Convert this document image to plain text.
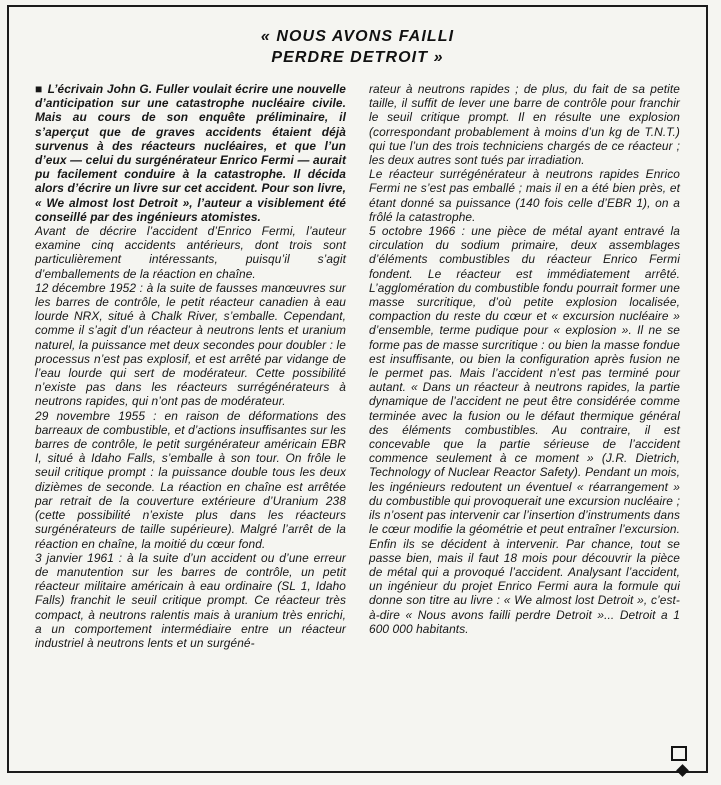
« NOUS AVONS FAILLI
PERDRE DETROIT »

■ L’écrivain John G. Fuller voulait écrire une nouvelle d’anticipation sur une catastrophe nucléaire civile. Mais au cours de son enquête préliminaire, il s’aperçut que de graves accidents étaient déjà survenus à des réacteurs nucléaires, et que l’un d’eux — celui du surgénérateur Enrico Fermi — aurait pu facilement conduire à la catastrophe. Il décida alors d’écrire un livre sur cet accident. Pour son livre, « We almost lost Detroit », l’auteur a visiblement été conseillé par des ingénieurs atomistes.

Avant de décrire l’accident d’Enrico Fermi, l’auteur examine cinq accidents antérieurs, dont trois sont particulièrement intéressants, puisqu’il s’agit d’emballements de la réaction en chaîne.

12 décembre 1952 : à la suite de fausses manœuvres sur les barres de contrôle, le petit réacteur canadien à eau lourde NRX, situé à Chalk River, s’emballe. Cependant, comme il s’agit d’un réacteur à neutrons lents et uranium naturel, la puissance met deux secondes pour doubler : le processus n’est pas explosif, et est arrêté par vidange de l’eau lourde qui sert de modérateur. Cette possibilité n’existe pas dans les réacteurs surrégénérateurs à neutrons rapides, qui n’ont pas de modérateur.

29 novembre 1955 : en raison de déformations des barreaux de combustible, et d’actions insuffisantes sur les barres de contrôle, le petit surgénérateur américain EBR I, situé à Idaho Falls, s’emballe à son tour. On frôle le seuil critique prompt : la puissance double tous les deux dizièmes de seconde. La réaction en chaîne est arrêtée par retrait de la couverture extérieure d’Uranium 238 (cette possibilité n’existe plus dans les réacteurs surgénérateurs de taille supérieure). Malgré l’arrêt de la réaction en chaîne, la moitié du cœur fond.

3 janvier 1961 : à la suite d’un accident ou d’une erreur de manutention sur les barres de contrôle, un petit réacteur militaire américain à eau ordinaire (SL 1, Idaho Falls) franchit le seuil critique prompt. Ce réacteur très compact, à neutrons ralentis mais à uranium très enrichi, a un comportement intermédiaire entre un réacteur industriel à neutrons lents et un surgéné-

rateur à neutrons rapides ; de plus, du fait de sa petite taille, il suffit de lever une barre de contrôle pour franchir le seuil critique prompt. Il en résulte une explosion (correspondant probablement à moins d’un kg de T.N.T.) qui tue l’un des trois techniciens chargés de ce réacteur ; les deux autres sont tués par irradiation.

Le réacteur surrégénérateur à neutrons rapides Enrico Fermi ne s’est pas emballé ; mais il en a été bien près, et étant donné sa puissance (140 fois celle d’EBR 1), on a frôlé la catastrophe.

5 octobre 1966 : une pièce de métal ayant entravé la circulation du sodium primaire, deux assemblages d’éléments combustibles du réacteur Enrico Fermi fondent. Le réacteur est immédiatement arrêté. L’agglomération du combustible fondu pourrait former une masse surcritique, d’où petite explosion localisée, compaction du reste du cœur et « excursion nucléaire » d’ensemble, terme pudique pour « explosion ». Il ne se forme pas de masse surcritique : ou bien la masse fondue est insuffisante, ou bien la configuration après fusion ne le permet pas. Mais l’accident n’est pas terminé pour autant. « Dans un réacteur à neutrons rapides, la partie dynamique de l’accident ne peut être considérée comme terminée avec la fusion ou le défaut thermique général des éléments combustibles. Au contraire, il est concevable que la partie sérieuse de l’accident commence seulement à ce moment » (J.R. Dietrich, Technology of Nuclear Reactor Safety). Pendant un mois, les ingénieurs redoutent un éventuel « réarrangement » du combustible qui provoquerait une excursion nucléaire ; ils n’osent pas intervenir car l’insertion d’instruments dans le cœur modifie la géométrie et peut entraîner l’excursion. Enfin ils se décident à intervenir. Par chance, tout se passe bien, mais il faut 18 mois pour découvrir la pièce de métal qui a provoqué l’accident. Analysant l’accident, un ingénieur du projet Enrico Fermi aura la formule qui donne son titre au livre : « We almost lost Detroit », c’est-à-dire « Nous avons failli perdre Detroit »... Detroit a 1 600 000 habitants.
